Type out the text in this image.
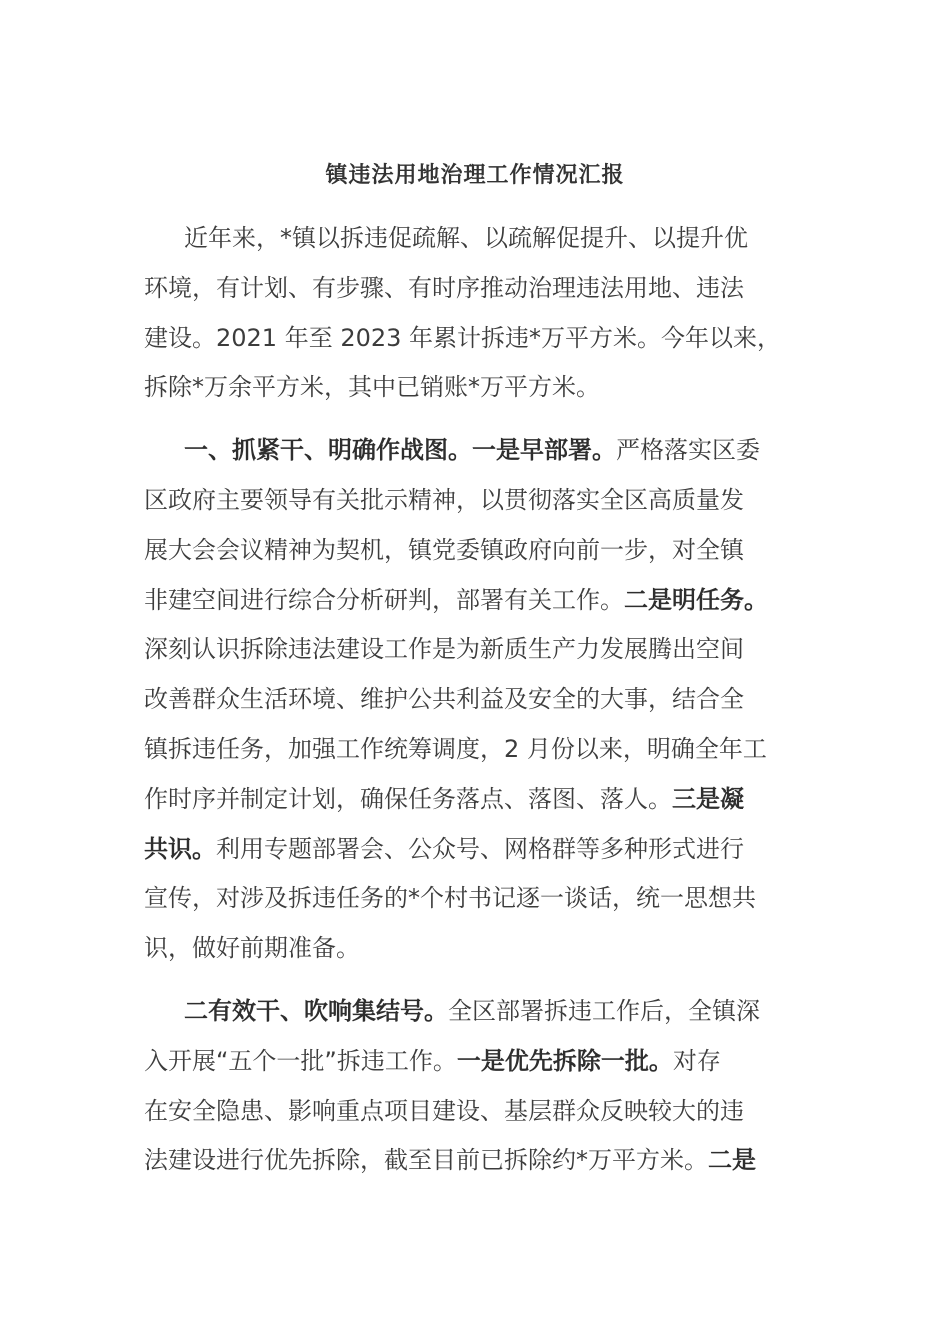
镇违法用地治理工作情况汇报
近年来，*镇以拆违促疏解、以疏解促提升、以提升优
环境，有计划、有步骤、有时序推动治理违法用地、违法
建设。2021 年至 2023 年累计拆违*万平方米。今年以来，
拆除*万余平方米，其中已销账*万平方米。
一、抓紧干、明确作战图。一是早部署。严格落实区委
区政府主要领导有关批示精神，以贯彻落实全区高质量发
展大会会议精神为契机，镇党委镇政府向前一步，对全镇
非建空间进行综合分析研判，部署有关工作。二是明任务。
深刻认识拆除违法建设工作是为新质生产力发展腾出空间
改善群众生活环境、维护公共利益及安全的大事，结合全
镇拆违任务，加强工作统筹调度，2 月份以来，明确全年工
作时序并制定计划，确保任务落点、落图、落人。三是凝
共识。利用专题部署会、公众号、网格群等多种形式进行
宣传，对涉及拆违任务的*个村书记逐一谈话，统一思想共
识，做好前期准备。
二有效干、吹响集结号。全区部署拆违工作后，全镇深
入开展“五个一批”拆违工作。一是优先拆除一批。对存
在安全隐患、影响重点项目建设、基层群众反映较大的违
法建设进行优先拆除，截至目前已拆除约*万平方米。二是
